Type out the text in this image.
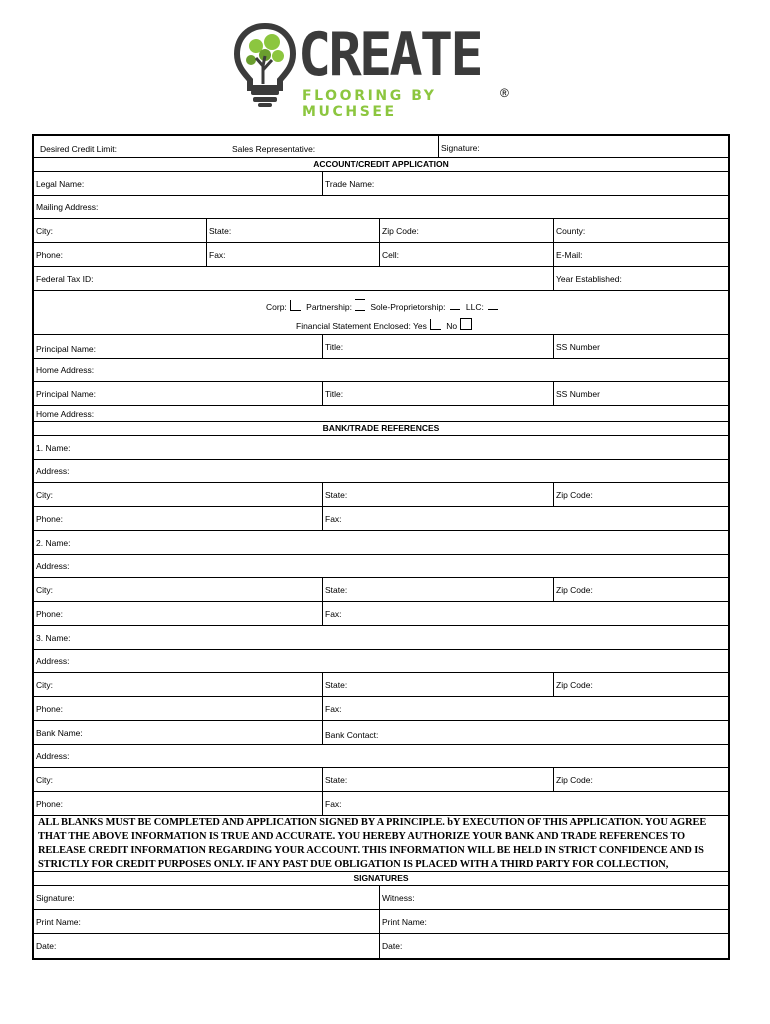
CREATE
FLOORING BY MUCHSEE
®
Desired Credit Limit:	Sales Representative:	Signature:
ACCOUNT/CREDIT APPLICATION
Legal Name:	Trade Name:
Mailing Address:
City:	State:	Zip Code:	County:
Phone:	Fax:	Cell:	E-Mail:
Federal Tax ID:	Year Established:
Corp: Partnership: Sole-Proprietorship: LLC:
Financial Statement Enclosed: Yes No
Principal Name:	Title:	SS Number
Home Address:
Principal Name:	Title:	SS Number
Home Address:
BANK/TRADE REFERENCES
1. Name:
Address:
City:	State:	Zip Code:
Phone:	Fax:
2. Name:
Address:
City:	State:	Zip Code:
Phone:	Fax:
3. Name:
Address:
City:	State:	Zip Code:
Phone:	Fax:
Bank Name:	Bank Contact:
Address:
City:	State:	Zip Code:
Phone:	Fax:

ALL BLANKS MUST BE COMPLETED AND APPLICATION SIGNED BY A PRINCIPLE. bY EXECUTION OF THIS APPLICATION. YOU AGREE THAT THE ABOVE INFORMATION IS TRUE AND ACCURATE. YOU HEREBY AUTHORIZE YOUR BANK AND TRADE REFERENCES TO RELEASE CREDIT INFORMATION REGARDING YOUR ACCOUNT. THIS INFORMATION WILL BE HELD IN STRICT CONFIDENCE AND IS STRICTLY FOR CREDIT PURPOSES ONLY. IF ANY PAST DUE OBLIGATION IS PLACED WITH A THIRD PARTY FOR COLLECTION,

SIGNATURES
Signature:	Witness:
Print Name:	Print Name:
Date:	Date:
